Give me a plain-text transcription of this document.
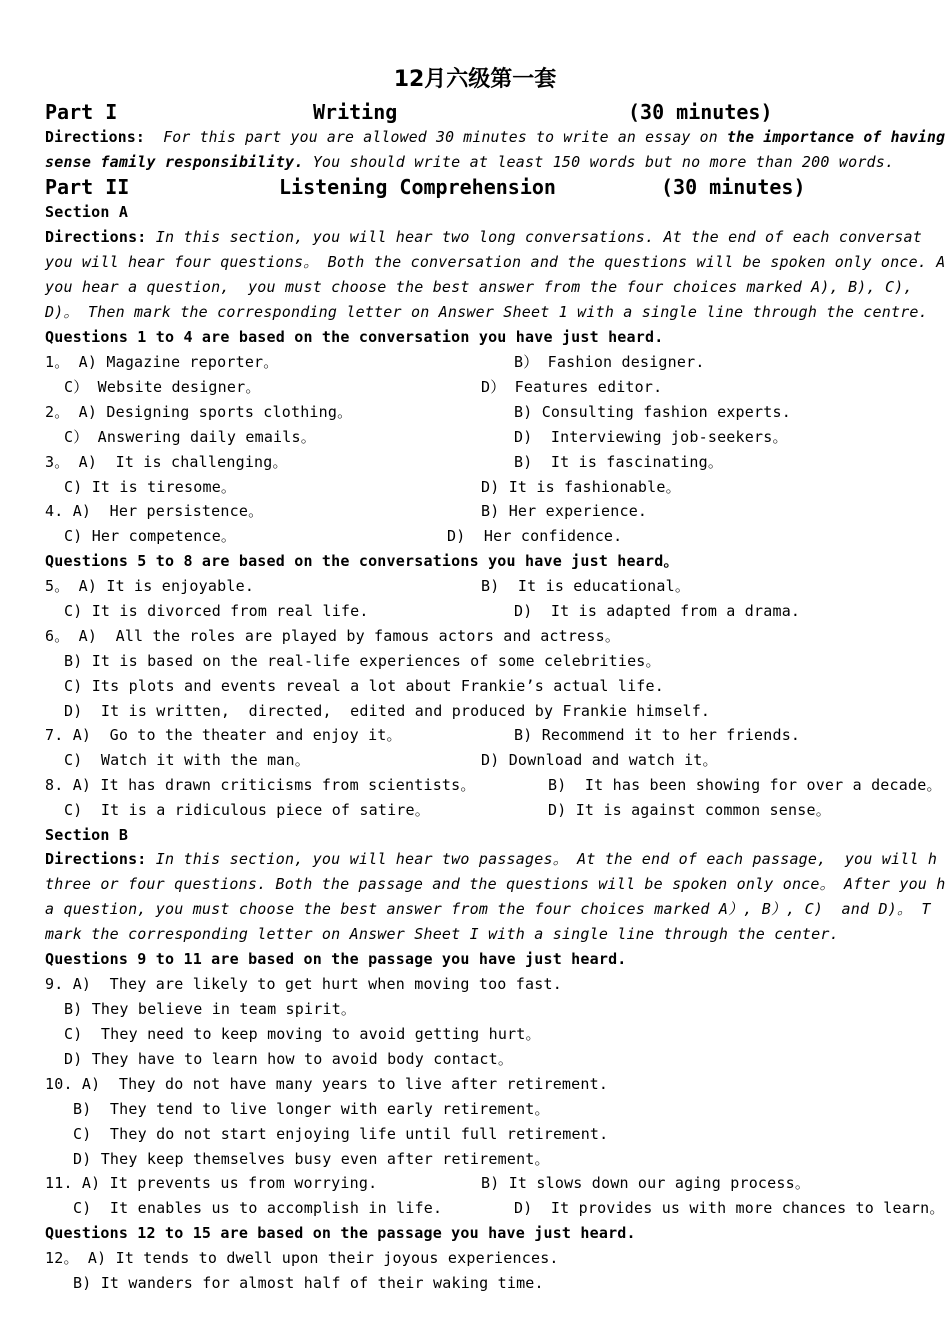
12月六级第一套
Part I	Writing	(30 minutes)
Directions: For this part you are allowed 30 minutes to write an essay on the importance of having
sense family responsibility. You should write at least 150 words but no more than 200 words.
Part II	Listening Comprehension	(30 minutes)
Section A
Directions: In this section, you will hear two long conversations. At the end of each conversat
you will hear four questions。 Both the conversation and the questions will be spoken only once. A
you hear a question,  you must choose the best answer from the four choices marked A), B), C),
D)。 Then mark the corresponding letter on Answer Sheet 1 with a single line through the centre.
Questions 1 to 4 are based on the conversation you have just heard.
1。 A) Magazine reporter。	B） Fashion designer.
C） Website designer。	D） Features editor.
2。 A) Designing sports clothing。	B) Consulting fashion experts.
C） Answering daily emails。	D)  Interviewing job-seekers。
3。 A)  It is challenging。	B)  It is fascinating。
C) It is tiresome。	D) It is fashionable。
4. A)  Her persistence。	B) Her experience.
C) Her competence。	D)  Her confidence.
Questions 5 to 8 are based on the conversations you have just heard。
5。 A) It is enjoyable.	B)  It is educational。
C) It is divorced from real life.	D)  It is adapted from a drama.
6。 A)  All the roles are played by famous actors and actress。
B) It is based on the real-life experiences of some celebrities。
C) Its plots and events reveal a lot about Frankie’s actual life.
D)  It is written,  directed,  edited and produced by Frankie himself.
7. A)  Go to the theater and enjoy it。	B) Recommend it to her friends.
C)  Watch it with the man。	D) Download and watch it。
8. A) It has drawn criticisms from scientists。	B)  It has been showing for over a decade。
C)  It is a ridiculous piece of satire。	D) It is against common sense。
Section B
Directions: In this section, you will hear two passages。 At the end of each passage,  you will h
three or four questions. Both the passage and the questions will be spoken only once。 After you h
a question, you must choose the best answer from the four choices marked A）, B）, C)  and D)。 T
mark the corresponding letter on Answer Sheet I with a single line through the center.
Questions 9 to 11 are based on the passage you have just heard.
9. A)  They are likely to get hurt when moving too fast.
B) They believe in team spirit。
C)  They need to keep moving to avoid getting hurt。
D) They have to learn how to avoid body contact。
10. A)  They do not have many years to live after retirement.
B)  They tend to live longer with early retirement。
C)  They do not start enjoying life until full retirement.
D) They keep themselves busy even after retirement。
11. A) It prevents us from worrying.	B) It slows down our aging process。
C)  It enables us to accomplish in life.	D)  It provides us with more chances to learn。
Questions 12 to 15 are based on the passage you have just heard.
12。 A) It tends to dwell upon their joyous experiences.
B) It wanders for almost half of their waking time.
